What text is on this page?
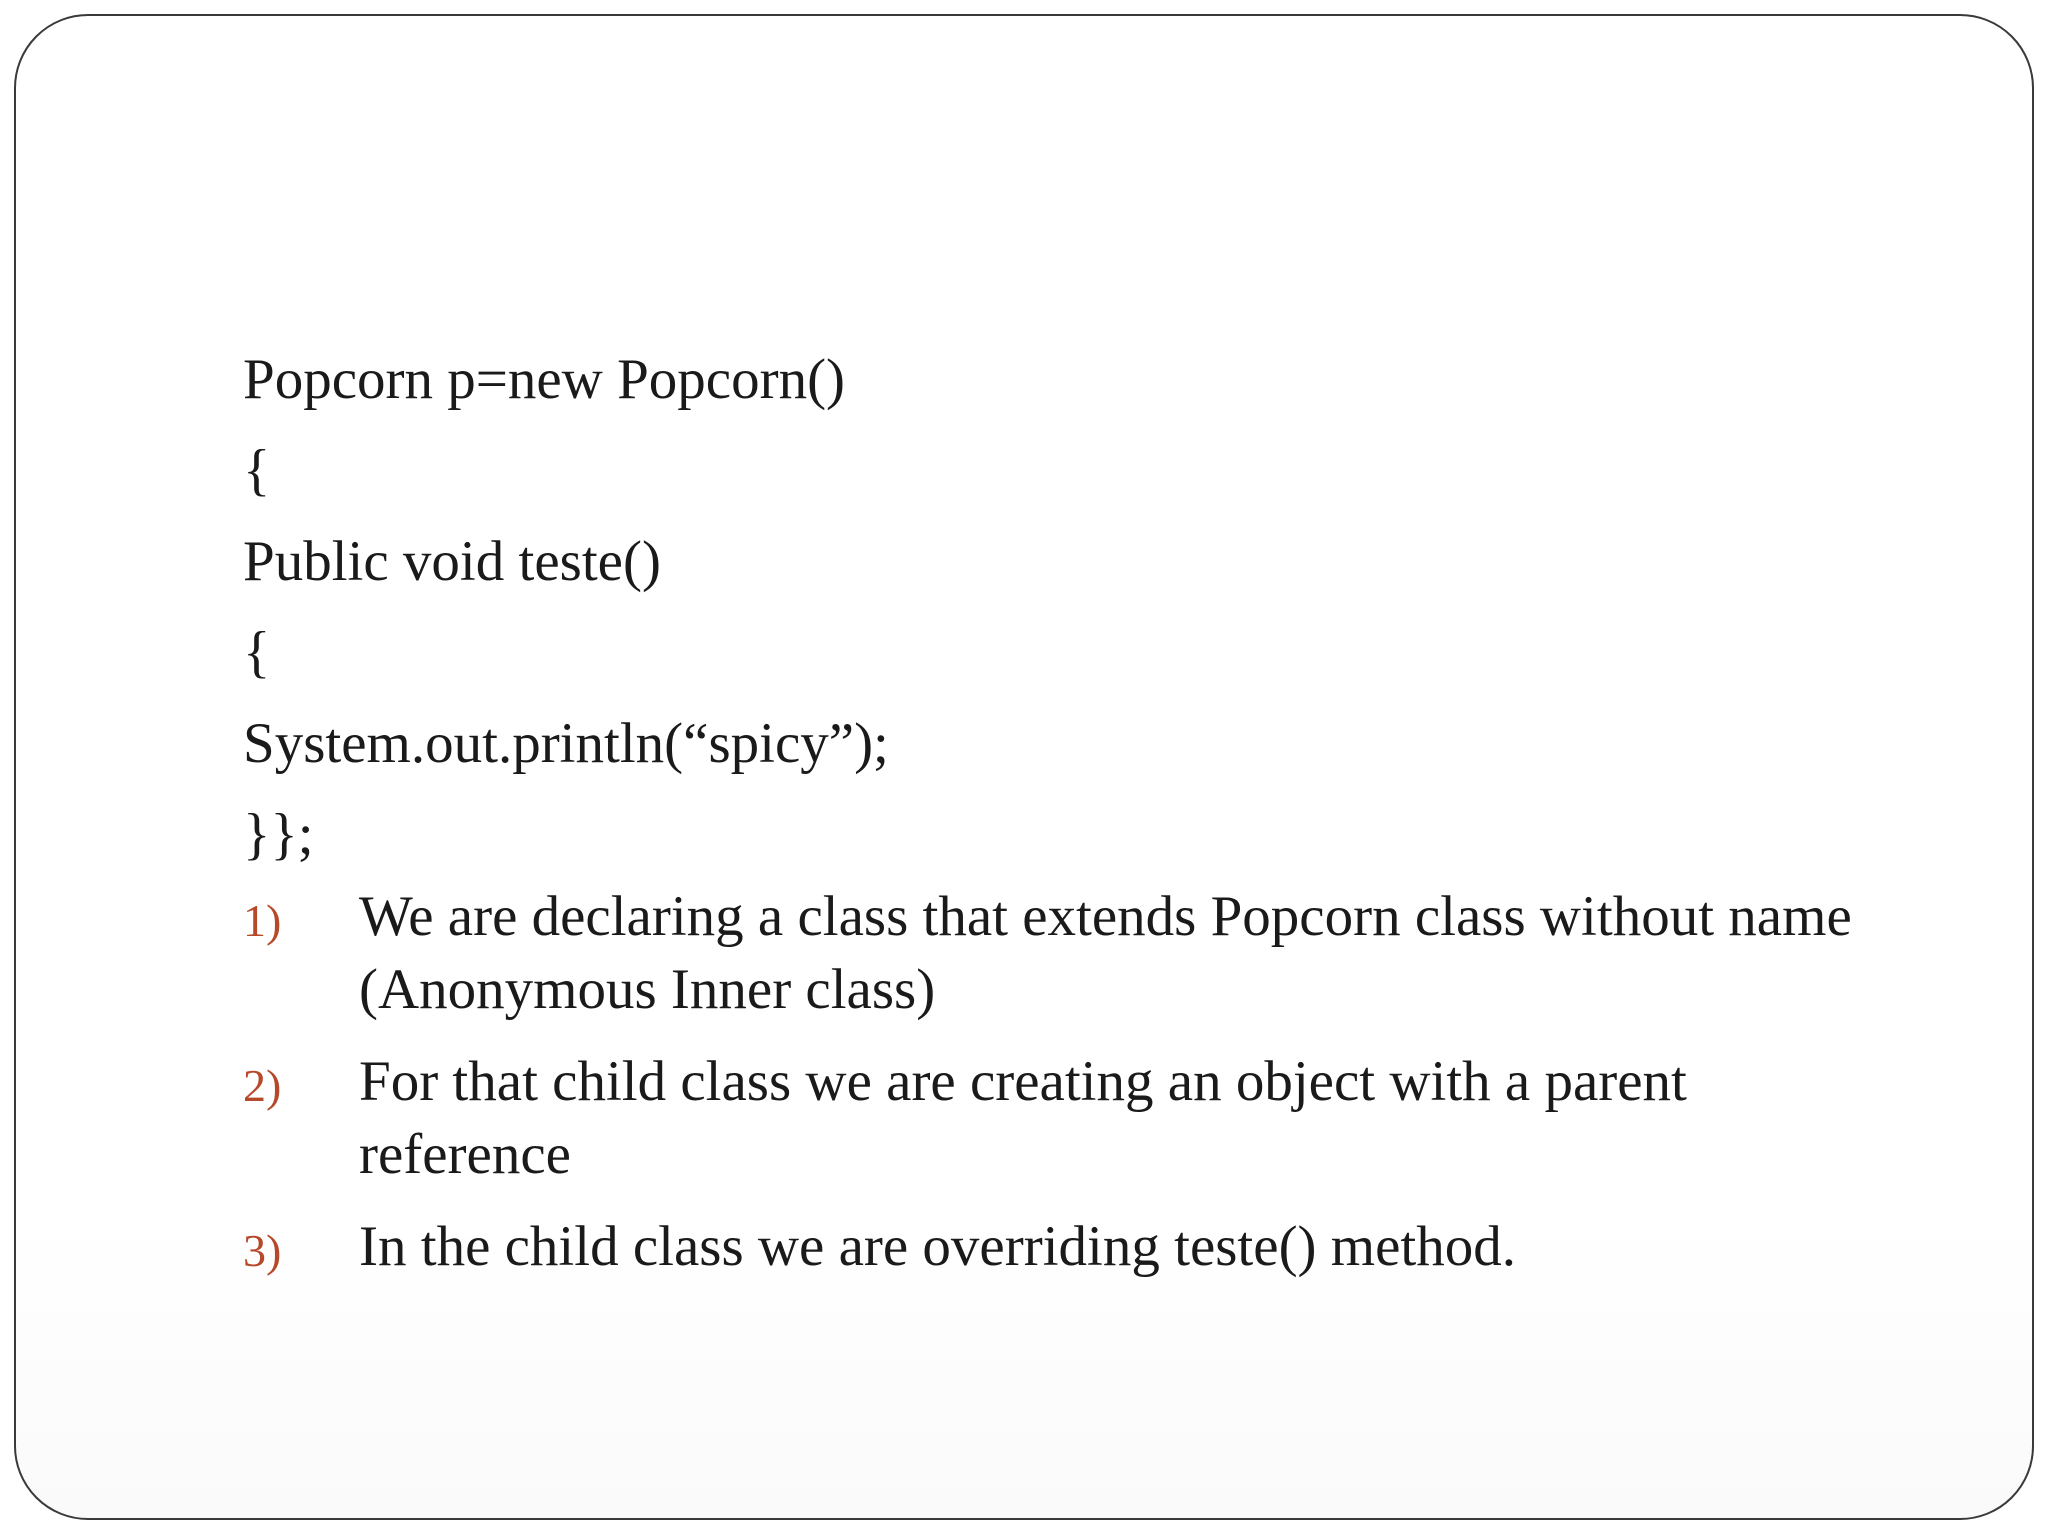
Popcorn p=new Popcorn()
{
Public void teste()
{
System.out.println(“spicy”);
}};
1) We are declaring a class that extends Popcorn class without name (Anonymous Inner class)
2) For that child class we are creating an object with a parent reference
3) In the child class we are overriding teste() method.
